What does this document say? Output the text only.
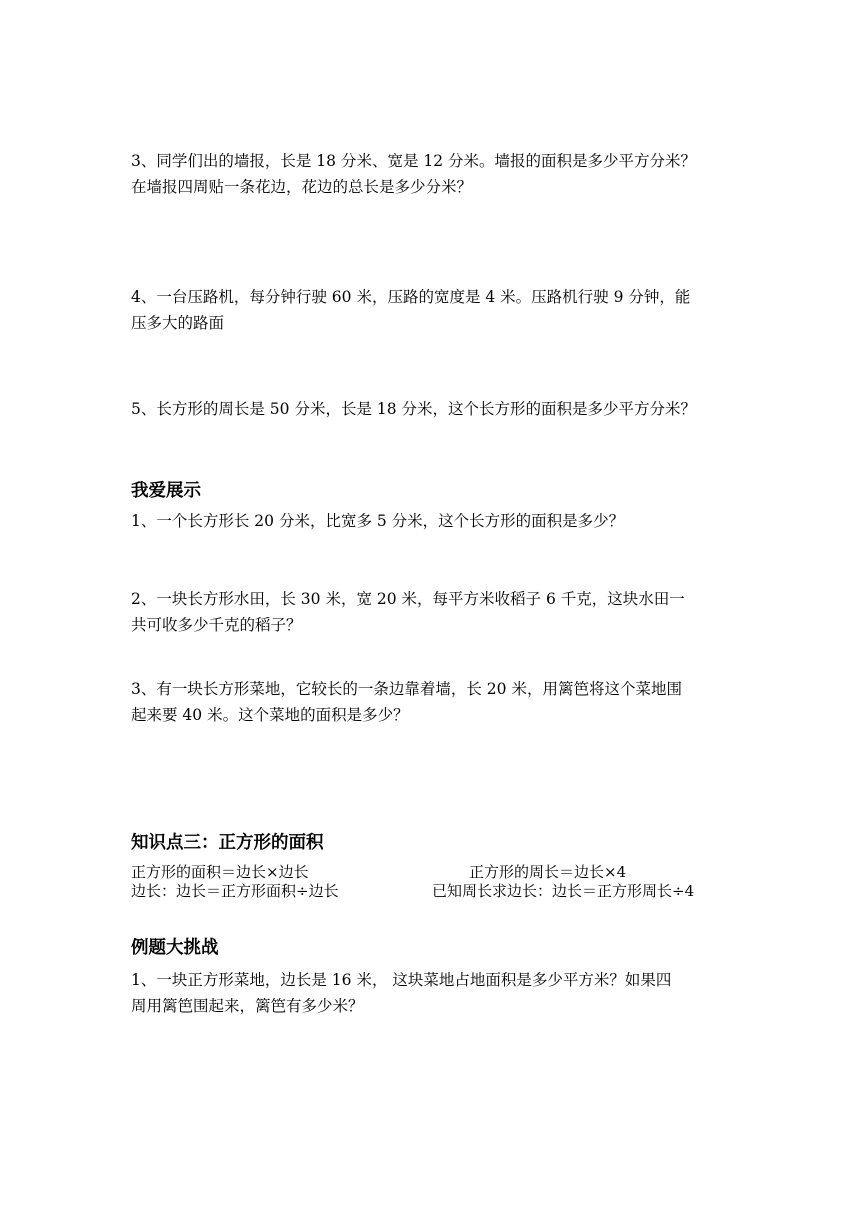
3、同学们出的墙报，长是 18 分米、宽是 12 分米。墙报的面积是多少平方分米？
在墙报四周贴一条花边，花边的总长是多少分米？

4、一台压路机，每分钟行驶 60 米，压路的宽度是 4 米。压路机行驶 9 分钟，能
压多大的路面

5、长方形的周长是 50 分米，长是 18 分米，这个长方形的面积是多少平方分米？

我爱展示

1、一个长方形长 20 分米，比宽多 5 分米，这个长方形的面积是多少？

2、一块长方形水田，长 30 米，宽 20 米，每平方米收稻子 6 千克，这块水田一
共可收多少千克的稻子？

3、有一块长方形菜地，它较长的一条边靠着墙，长 20 米，用篱笆将这个菜地围
起来要 40 米。这个菜地的面积是多少？

知识点三：正方形的面积

正方形的面积＝边长×边长	正方形的周长＝边长×4

边长：边长＝正方形面积÷边长	已知周长求边长：边长＝正方形周长÷4

例题大挑战

1、一块正方形菜地，边长是 16 米， 这块菜地占地面积是多少平方米？如果四
周用篱笆围起来，篱笆有多少米？
